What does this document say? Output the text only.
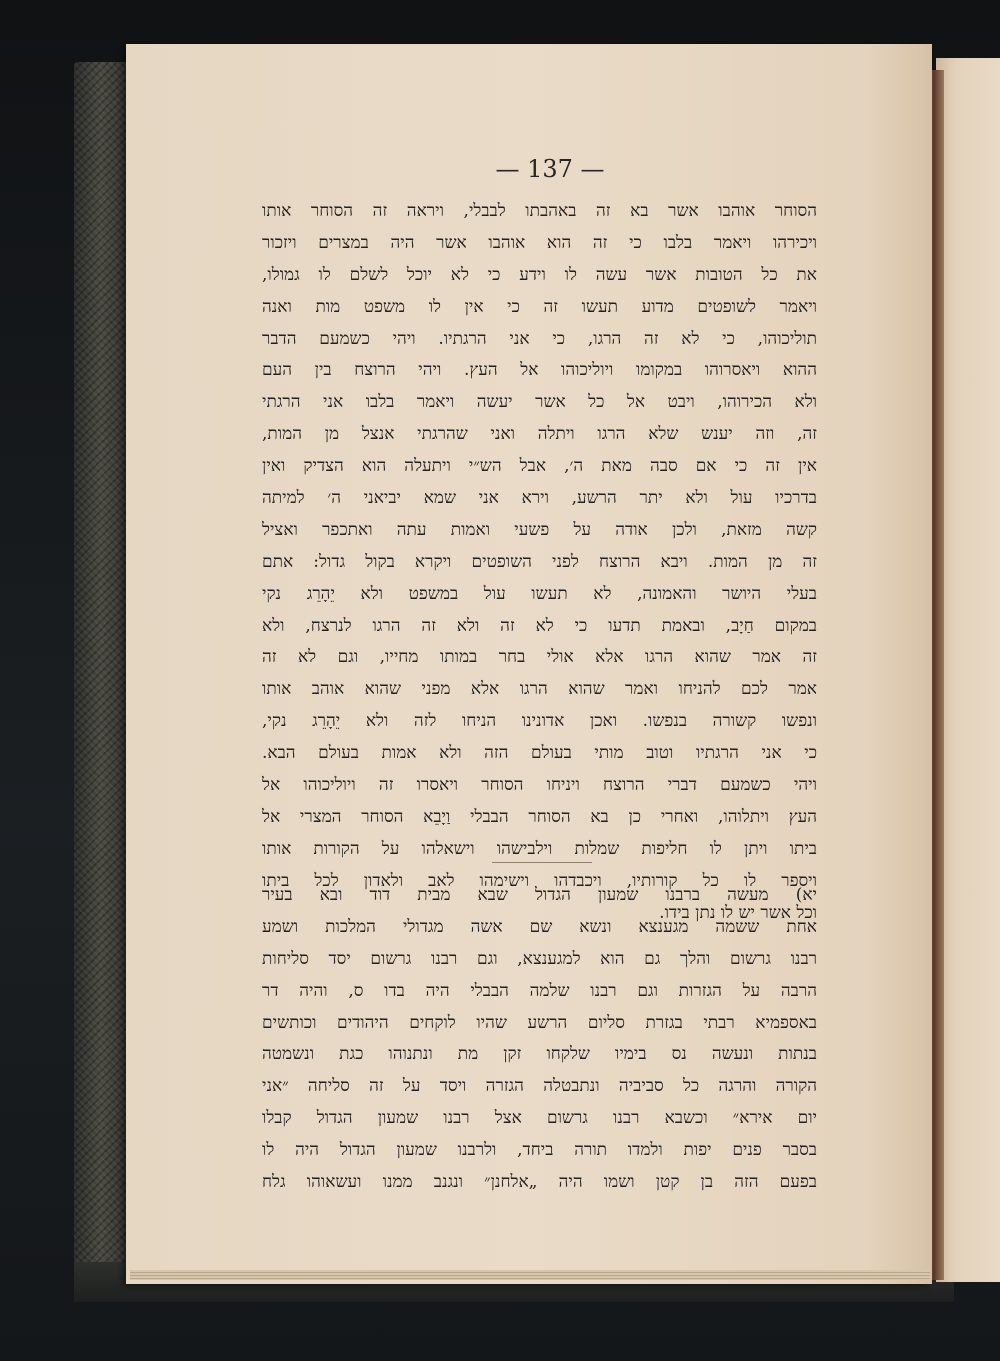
— 137 —
הסוחר אוהבו אשר בא זה באהבתו לבבלי, ויראה זה הסוחר אותו
ויכירהו ויאמר בלבו כי זה הוא אוהבו אשר היה במצרים ויזכור
את כל הטובות אשר עשה לו וידע כי לא יוכל לשלם לו גמולו,
ויאמר לשופטים מדוע תעשו זה כי אין לו משפט מות ואנה
תוליכוהו, כי לא זה הרגו, כי אני הרגתיו. ויהי כשמעם הדבר
ההוא ויאסרוהו במקומו ויוליכוהו אל העץ. ויהי הרוצח בין העם
ולא הכירוהו, ויבט אל כל אשר יעשה ויאמר בלבו אני הרגתי
זה, וזה יענש שלא הרגו ויתלה ואני שהרגתי אנצל מן המות,
אין זה כי אם סבה מאת ה׳, אבל הש״י ויתעלה הוא הצדיק ואין
בדרכיו עול ולא יתר הרשע, וירא אני שמא יביאני ה׳ למיתה
קשה מזאת, ולכן אודה על פשעי ואמות עתה ואתכפר ואציל
זה מן המות. ויבא הרוצח לפני השופטים ויקרא בקול גדול: אתם
בעלי היושר והאמונה, לא תעשו עול במשפט ולא יֵהָרֵג נקי
במקום חַיָב, ובאמת תדעו כי לא זה ולא זה הרגו לנרצח, ולא
זה אמר שהוא הרגו אלא אולי בחר במותו מחייו, וגם לא זה
אמר לכם להניחו ואמר שהוא הרגו אלא מפני שהוא אוהב אותו
ונפשו קשורה בנפשו. ואכן אדונינו הניחו לזה ולא יֵהָרֵג נקי,
כי אני הרגתיו וטוב מותי בעולם הזה ולא אמות בעולם הבא.
ויהי כשמעם דברי הרוצח ויניחו הסוחר ויאסרו זה ויוליכוהו אל
העץ ויתלוהו, ואחרי כן בא הסוחר הבבלי וַיָבֵא הסוחר המצרי אל
ביתו ויתן לו חליפות שמלות וילבישהו וישאלהו על הקורות אותו
ויספר לו כל קורותיו, ויכבדהו וישימהו לאב ולאדון לכל ביתו
וכל אשר יש לו נתן בידו.
יא) מעשה ברבנו שמעון הגדול שבא מבית דוד ובא בעיר
אחת ששמה מגענצא ונשא שם אשה מגדולי המלכות ושמע
רבנו גרשום והלך גם הוא למגענצא, וגם רבנו גרשום יסד סליחות
הרבה על הגזרות וגם רבנו שלמה הבבלי היה בדו ס, והיה דר
באספמיא רבתי בגזרת סליום הרשע שהיו לוקחים היהודים וכותשים
בנתות ונעשה נס בימיו שלקחו זקן מת ונתנוהו כגת ונשמטה
הקורה והרגה כל סביביה ונתבטלה הגזרה ויסד על זה סליחה ״אני
יום אירא״ וכשבא רבנו גרשום אצל רבנו שמעון הגדול קבלו
בסבר פנים יפות ולמדו תורה ביחד, ולרבנו שמעון הגדול היה לו
בפעם הזה בן קטן ושמו היה „אלחנן״ ונגנב ממנו ועשאוהו גלח
